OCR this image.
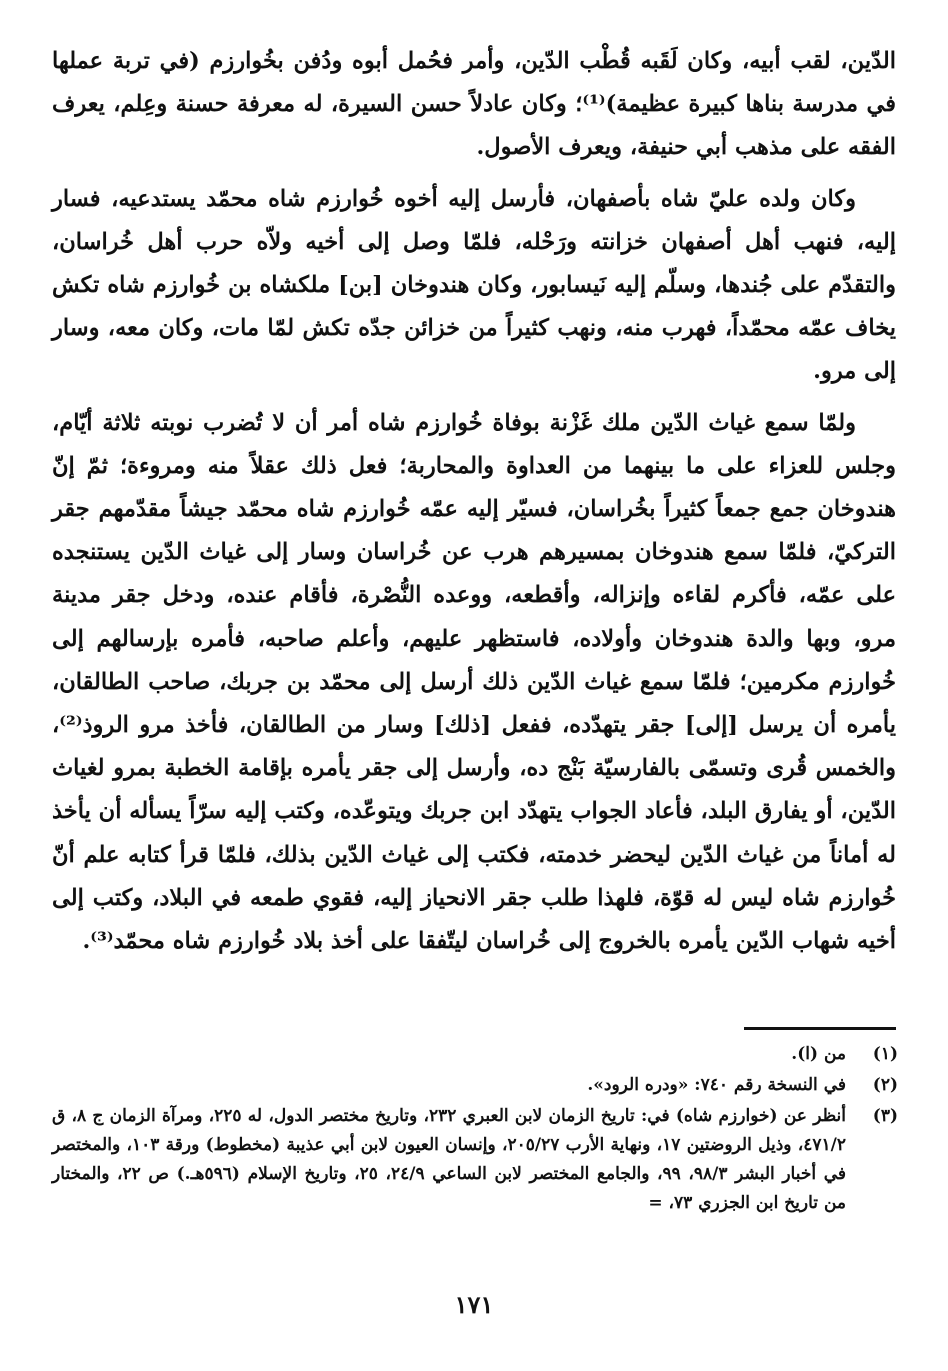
الدّين، لقب أبيه، وكان لَقَبه قُطْب الدّين، وأمر فحُمل أبوه ودُفن بخُوارزم (في تربة عملها في مدرسة بناها كبيرة عظيمة)⁽¹⁾؛ وكان عادلاً حسن السيرة، له معرفة حسنة وعِلم، يعرف الفقه على مذهب أبي حنيفة، ويعرف الأصول.

وكان ولده عليّ شاه بأصفهان، فأرسل إليه أخوه خُوارزم شاه محمّد يستدعيه، فسار إليه، فنهب أهل أصفهان خزانته ورَحْله، فلمّا وصل إلى أخيه ولاّه حرب أهل خُراسان، والتقدّم على جُندها، وسلّم إليه نَيسابور، وكان هندوخان [بن] ملكشاه بن خُوارزم شاه تكش يخاف عمّه محمّداً، فهرب منه، ونهب كثيراً من خزائن جدّه تكش لمّا مات، وكان معه، وسار إلى مرو.

ولمّا سمع غياث الدّين ملك غَزْنة بوفاة خُوارزم شاه أمر أن لا تُضرب نوبته ثلاثة أيّام، وجلس للعزاء على ما بينهما من العداوة والمحاربة؛ فعل ذلك عقلاً منه ومروءة؛ ثمّ إنّ هندوخان جمع جمعاً كثيراً بخُراسان، فسيّر إليه عمّه خُوارزم شاه محمّد جيشاً مقدّمهم جقر التركيّ، فلمّا سمع هندوخان بمسيرهم هرب عن خُراسان وسار إلى غياث الدّين يستنجده على عمّه، فأكرم لقاءه وإنزاله، وأقطعه، ووعده النُّصْرة، فأقام عنده، ودخل جقر مدينة مرو، وبها والدة هندوخان وأولاده، فاستظهر عليهم، وأعلم صاحبه، فأمره بإرسالهم إلى خُوارزم مكرمين؛ فلمّا سمع غياث الدّين ذلك أرسل إلى محمّد بن جربك، صاحب الطالقان، يأمره أن يرسل [إلى] جقر يتهدّده، ففعل [ذلك] وسار من الطالقان، فأخذ مرو الروذ⁽²⁾، والخمس قُرى وتسمّى بالفارسيّة بَنْج ده، وأرسل إلى جقر يأمره بإقامة الخطبة بمرو لغياث الدّين، أو يفارق البلد، فأعاد الجواب يتهدّد ابن جربك ويتوعّده، وكتب إليه سرّاً يسأله أن يأخذ له أماناً من غياث الدّين ليحضر خدمته، فكتب إلى غياث الدّين بذلك، فلمّا قرأ كتابه علم أنّ خُوارزم شاه ليس له قوّة، فلهذا طلب جقر الانحياز إليه، فقوي طمعه في البلاد، وكتب إلى أخيه شهاب الدّين يأمره بالخروج إلى خُراسان ليتّفقا على أخذ بلاد خُوارزم شاه محمّد⁽³⁾.

(١)
من (ا).
(٢)
في النسخة رقم ٧٤٠: «ودره الرود».
(٣)
أنظر عن (خوارزم شاه) في: تاريخ الزمان لابن العبري ٢٣٢، وتاريخ مختصر الدول، له ٢٢٥، ومرآة الزمان ج ٨، ق ٤٧١/٢، وذيل الروضتين ١٧، ونهاية الأرب ٢٠٥/٢٧، وإنسان العيون لابن أبي عذيبة (مخطوط) ورقة ١٠٣، والمختصر في أخبار البشر ٩٨/٣، ٩٩، والجامع المختصر لابن الساعي ٢٤/٩، ٢٥، وتاريخ الإسلام (٥٩٦هـ.) ص ٢٢، والمختار من تاريخ ابن الجزري ٧٣، =
١٧١
